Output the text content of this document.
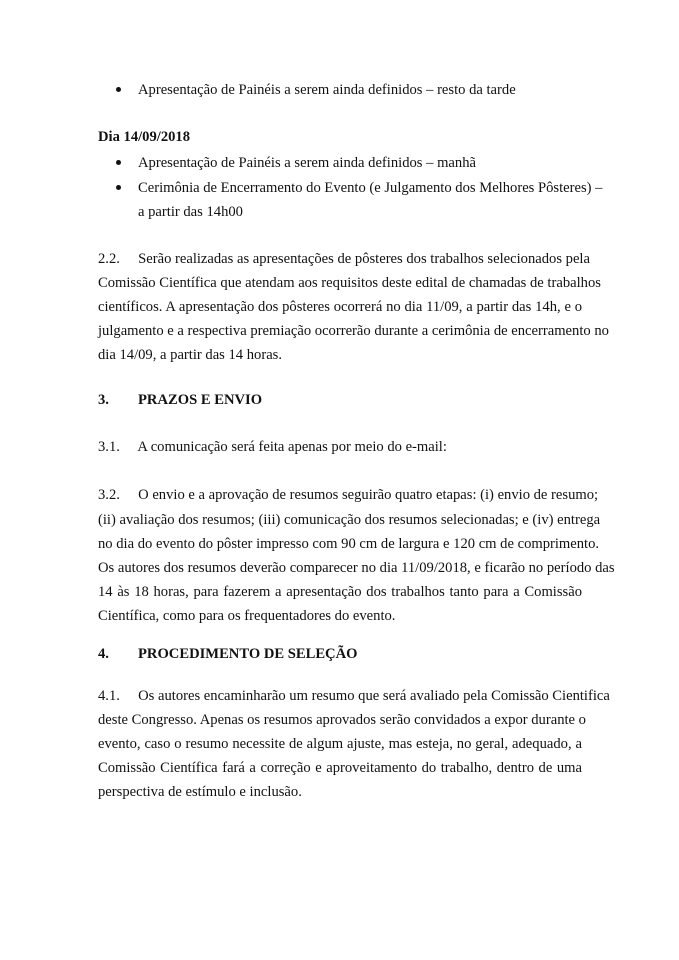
Apresentação de Painéis a serem ainda definidos – resto da tarde
Dia 14/09/2018
Apresentação de Painéis a serem ainda definidos – manhã
Cerimônia de Encerramento do Evento (e Julgamento dos Melhores Pôsteres) –
a partir das 14h00
2.2.     Serão realizadas as apresentações de pôsteres dos trabalhos selecionados pela
Comissão Científica que atendam aos requisitos deste edital de chamadas de trabalhos
científicos. A apresentação dos pôsteres ocorrerá no dia 11/09, a partir das 14h, e o
julgamento e a respectiva premiação ocorrerão durante a cerimônia de encerramento no
dia 14/09, a partir das 14 horas.
3. PRAZOS E ENVIO
3.1.     A comunicação será feita apenas por meio do e-mail:
3.2.     O envio e a aprovação de resumos seguirão quatro etapas: (i) envio de resumo;
(ii) avaliação dos resumos; (iii) comunicação dos resumos selecionadas; e (iv) entrega
no dia do evento do pôster impresso com 90 cm de largura e 120 cm de comprimento.
Os autores dos resumos deverão comparecer no dia 11/09/2018, e ficarão no período das
14 às 18 horas, para fazerem a apresentação dos trabalhos tanto para a Comissão
Científica, como para os frequentadores do evento.
4. PROCEDIMENTO DE SELEÇÃO
4.1.     Os autores encaminharão um resumo que será avaliado pela Comissão Cientifica
deste Congresso. Apenas os resumos aprovados serão convidados a expor durante o
evento, caso o resumo necessite de algum ajuste, mas esteja, no geral, adequado, a
Comissão Científica fará a correção e aproveitamento do trabalho, dentro de uma
perspectiva de estímulo e inclusão.
